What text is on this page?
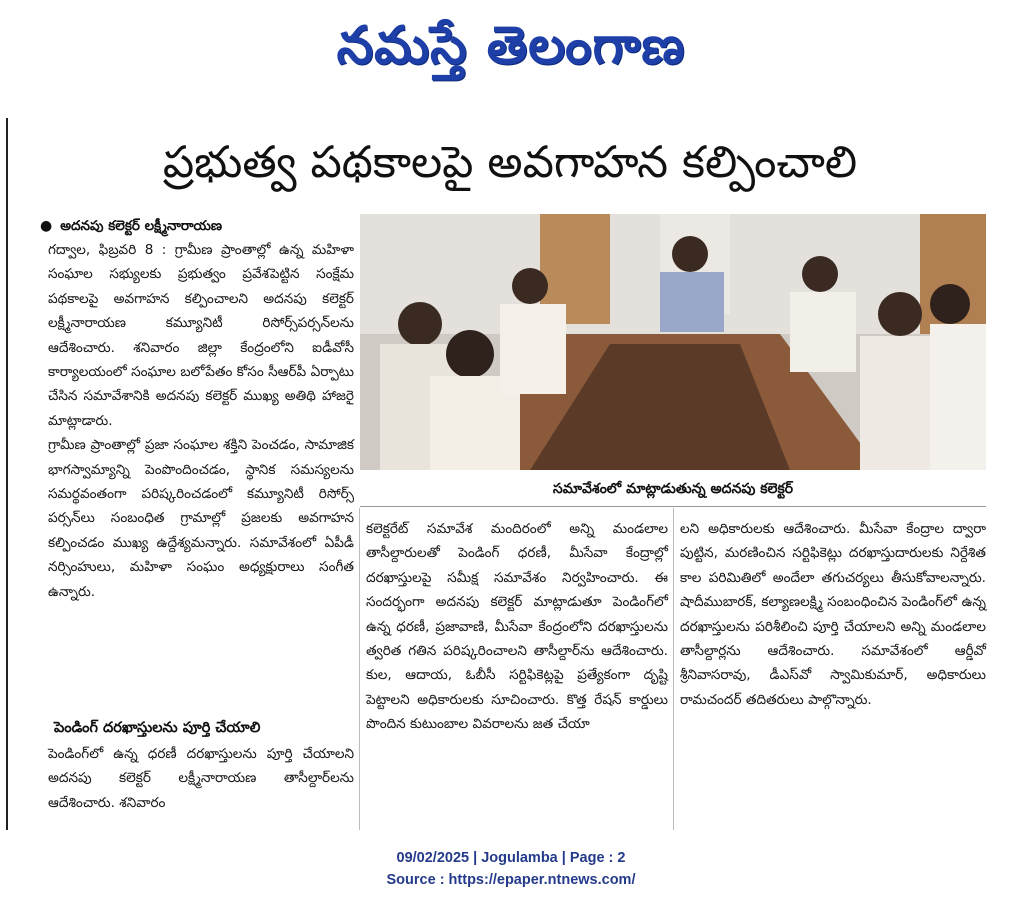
నమస్తే తెలంగాణ
ప్రభుత్వ పథకాలపై అవగాహన కల్పించాలి
● అదనపు కలెక్టర్ లక్ష్మీనారాయణ

గద్వాల, ఫిబ్రవరి 8 : గ్రామీణ ప్రాంతాల్లో ఉన్న మహిళా సంఘాల సభ్యులకు ప్రభుత్వం ప్రవేశపెట్టిన సంక్షేమ పథకాలపై అవగాహన కల్పించాలని అదనపు కలెక్టర్ లక్ష్మీనారాయణ కమ్యూనిటీ రిసోర్స్‌పర్సన్‌లను ఆదేశించారు. శనివారం జిల్లా కేంద్రంలోని ఐడీవోసీ కార్యాలయంలో సంఘాల బలోపేతం కోసం సీఆర్‌పీ ఏర్పాటు చేసిన సమావేశానికి అదనపు కలెక్టర్ ముఖ్య అతిథి హాజరై మాట్లాడారు.

గ్రామీణ ప్రాంతాల్లో ప్రజా సంఘాల శక్తిని పెంచడం, సామాజిక భాగస్వామ్యాన్ని పెంపొందించడం, స్థానిక సమస్యలను సమర్థవంతంగా పరిష్కరించడంలో కమ్యూనిటీ రిసోర్స్ పర్సన్‌లు సంబంధిత గ్రామాల్లో ప్రజలకు అవగాహన కల్పించడం ముఖ్య ఉద్దేశ్యమన్నారు. సమావేశంలో ఏపీడీ నర్సింహులు, మహిళా సంఘం అధ్యక్షురాలు సంగీత ఉన్నారు.

పెండింగ్ దరఖాస్తులను పూర్తి చేయాలి

పెండింగ్‌లో ఉన్న ధరణీ దరఖాస్తులను పూర్తి చేయాలని అదనపు కలెక్టర్ లక్ష్మీనారాయణ తాసీల్దార్‌లను ఆదేశించారు. శనివారం

సమావేశంలో మాట్లాడుతున్న అదనపు కలెక్టర్

కలెక్టరేట్ సమావేశ మందిరంలో అన్ని మండలాల తాసీల్దారులతో పెండింగ్ ధరణీ, మీసేవా కేంద్రాల్లో దరఖాస్తులపై సమీక్ష సమావేశం నిర్వహించారు. ఈ సందర్భంగా అదనపు కలెక్టర్ మాట్లాడుతూ పెండింగ్‌లో ఉన్న ధరణీ, ప్రజావాణి, మీసేవా కేంద్రంలోని దరఖాస్తులను త్వరిత గతిన పరిష్కరించాలని తాసీల్దార్‌ను ఆదేశించారు. కుల, ఆదాయ, ఓబీసీ సర్టిఫికెట్లపై ప్రత్యేకంగా దృష్టి పెట్టాలని అధికారులకు సూచించారు. కొత్త రేషన్ కార్డులు పొందిన కుటుంబాల వివరాలను జత చేయా

లని అధికారులకు ఆదేశించారు. మీసేవా కేంద్రాల ద్వారా పుట్టిన, మరణించిన సర్టిఫికెట్లు దరఖాస్తుదారులకు నిర్దేశిత కాల పరిమితిలో అందేలా తగుచర్యలు తీసుకోవాలన్నారు. షాదీముబారక్, కల్యాణలక్ష్మి సంబంధించిన పెండింగ్‌లో ఉన్న దరఖాస్తులను పరిశీలించి పూర్తి చేయాలని అన్ని మండలాల తాసీల్దార్లను ఆదేశించారు. సమావేశంలో ఆర్డీవో శ్రీనివాసరావు, డీఎస్‌వో స్వామికుమార్, అధికారులు రామచందర్ తదితరులు పాల్గొన్నారు.

09/02/2025 | Jogulamba | Page : 2
Source : https://epaper.ntnews.com/
